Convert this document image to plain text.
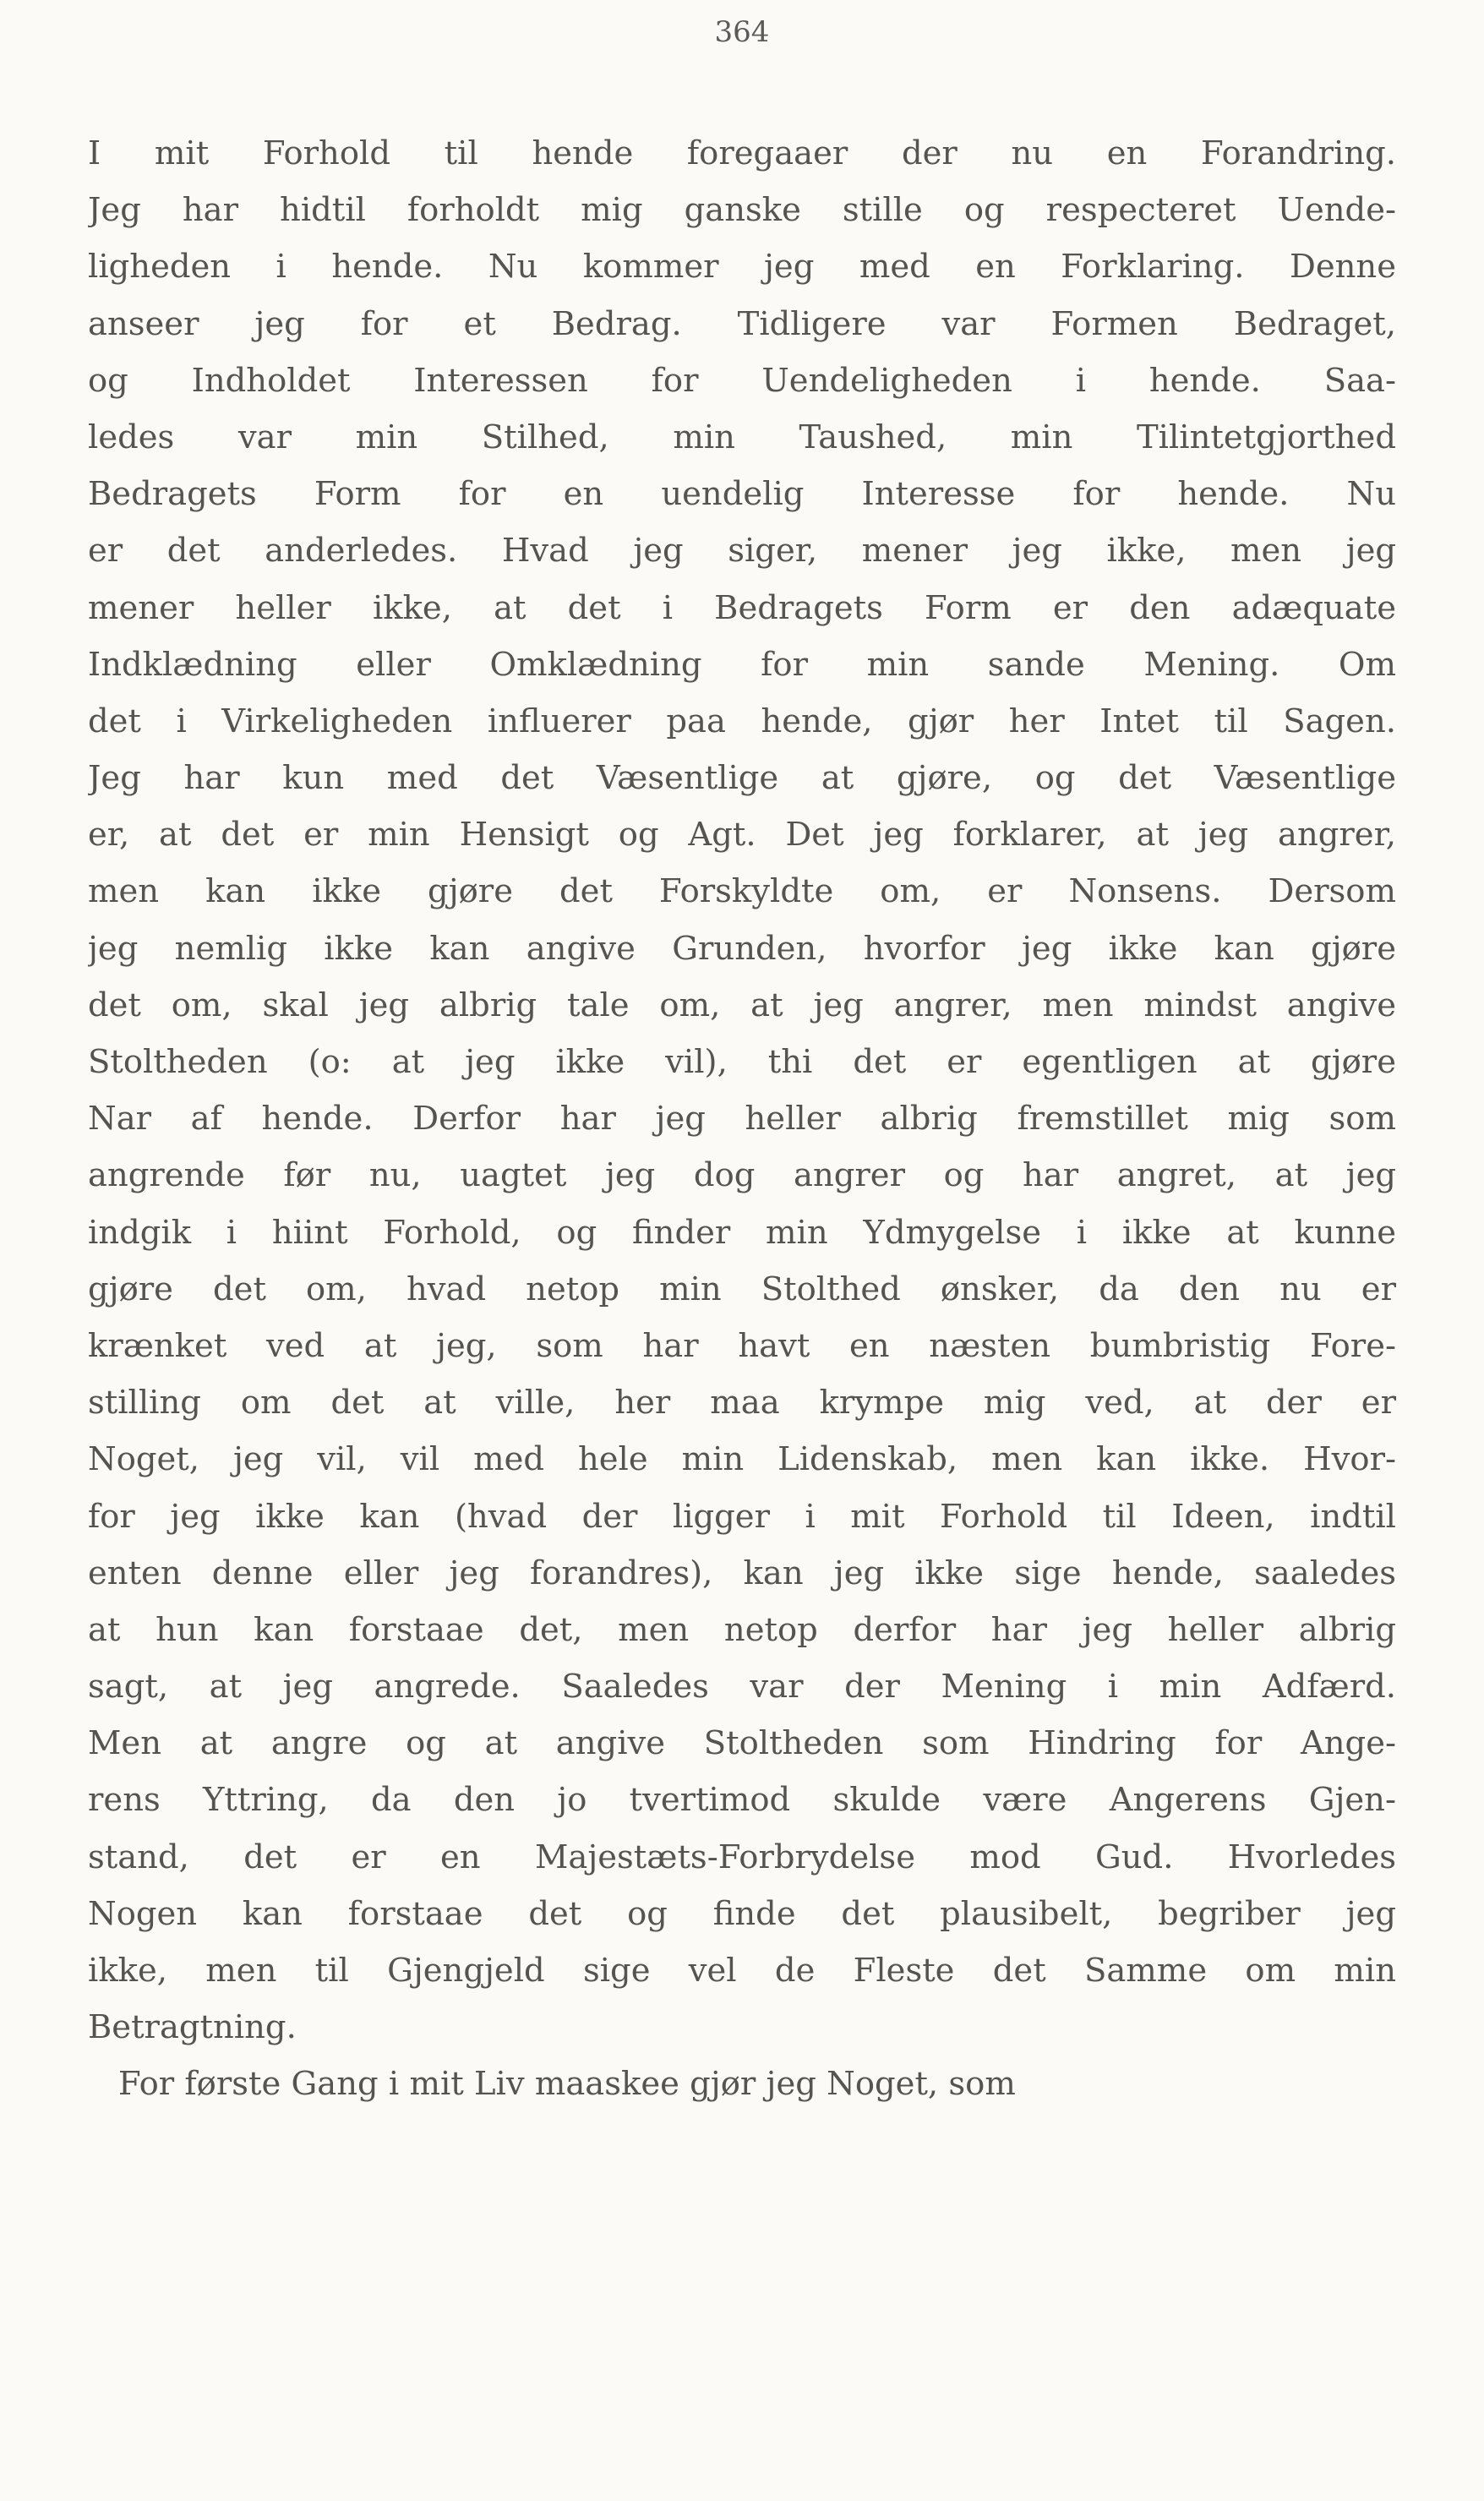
364
I mit Forhold til hende foregaaer der nu en Forandring.
Jeg har hidtil forholdt mig ganske stille og respecteret Uende-
ligheden i hende. Nu kommer jeg med en Forklaring. Denne
anseer jeg for et Bedrag. Tidligere var Formen Bedraget,
og Indholdet Interessen for Uendeligheden i hende. Saa-
ledes var min Stilhed, min Taushed, min Tilintetgjorthed
Bedragets Form for en uendelig Interesse for hende. Nu
er det anderledes. Hvad jeg siger, mener jeg ikke, men jeg
mener heller ikke, at det i Bedragets Form er den adæquate
Indklædning eller Omklædning for min sande Mening. Om
det i Virkeligheden influerer paa hende, gjør her Intet til Sagen.
Jeg har kun med det Væsentlige at gjøre, og det Væsentlige
er, at det er min Hensigt og Agt. Det jeg forklarer, at jeg angrer,
men kan ikke gjøre det Forskyldte om, er Nonsens. Dersom
jeg nemlig ikke kan angive Grunden, hvorfor jeg ikke kan gjøre
det om, skal jeg albrig tale om, at jeg angrer, men mindst angive
Stoltheden (o: at jeg ikke vil), thi det er egentligen at gjøre
Nar af hende. Derfor har jeg heller albrig fremstillet mig som
angrende før nu, uagtet jeg dog angrer og har angret, at jeg
indgik i hiint Forhold, og finder min Ydmygelse i ikke at kunne
gjøre det om, hvad netop min Stolthed ønsker, da den nu er
krænket ved at jeg, som har havt en næsten bumbristig Fore-
stilling om det at ville, her maa krympe mig ved, at der er
Noget, jeg vil, vil med hele min Lidenskab, men kan ikke. Hvor-
for jeg ikke kan (hvad der ligger i mit Forhold til Ideen, indtil
enten denne eller jeg forandres), kan jeg ikke sige hende, saaledes
at hun kan forstaae det, men netop derfor har jeg heller albrig
sagt, at jeg angrede. Saaledes var der Mening i min Adfærd.
Men at angre og at angive Stoltheden som Hindring for Ange-
rens Yttring, da den jo tvertimod skulde være Angerens Gjen-
stand, det er en Majestæts-Forbrydelse mod Gud. Hvorledes
Nogen kan forstaae det og finde det plausibelt, begriber jeg
ikke, men til Gjengjeld sige vel de Fleste det Samme om min
Betragtning.
For første Gang i mit Liv maaskee gjør jeg Noget, som
